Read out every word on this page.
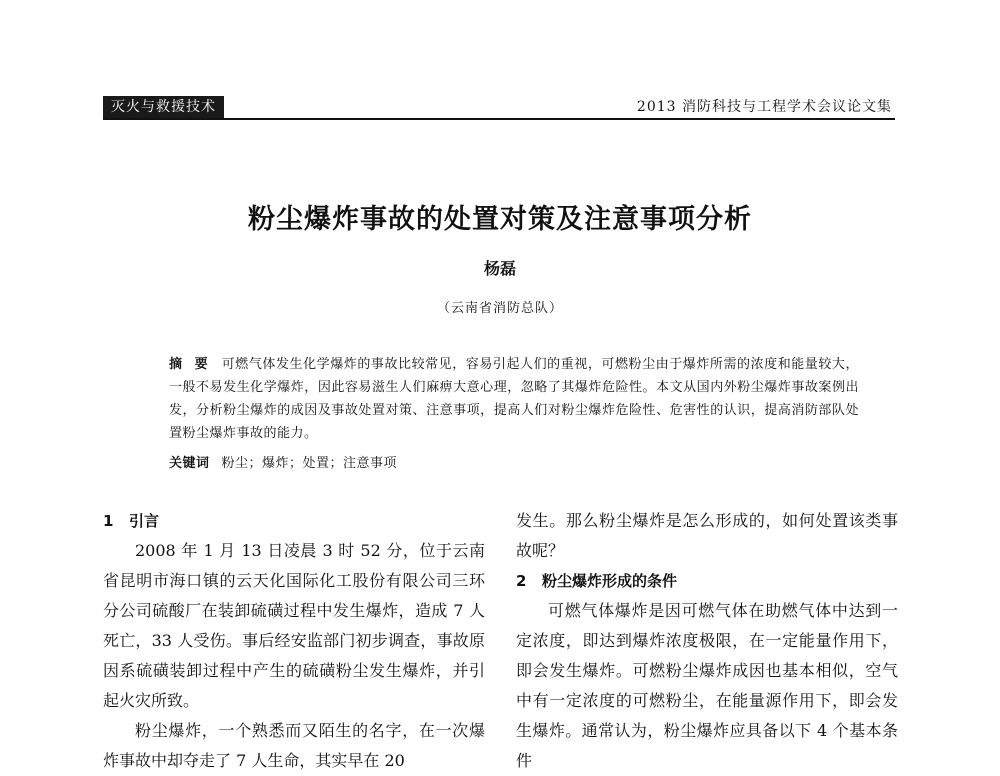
灭火与救援技术	2013 消防科技与工程学术会议论文集
粉尘爆炸事故的处置对策及注意事项分析
杨磊
（云南省消防总队）
摘 要 可燃气体发生化学爆炸的事故比较常见，容易引起人们的重视，可燃粉尘由于爆炸所需的浓度和能量较大，一般不易发生化学爆炸，因此容易滋生人们麻痹大意心理，忽略了其爆炸危险性。本文从国内外粉尘爆炸事故案例出发，分析粉尘爆炸的成因及事故处置对策、注意事项，提高人们对粉尘爆炸危险性、危害性的认识，提高消防部队处置粉尘爆炸事故的能力。
关键词 粉尘；爆炸；处置；注意事项
1 引言

2008 年 1 月 13 日凌晨 3 时 52 分，位于云南省昆明市海口镇的云天化国际化工股份有限公司三环分公司硫酸厂在装卸硫磺过程中发生爆炸，造成 7 人死亡，33 人受伤。事后经安监部门初步调查，事故原因系硫磺装卸过程中产生的硫磺粉尘发生爆炸，并引起火灾所致。

粉尘爆炸，一个熟悉而又陌生的名字，在一次爆炸事故中却夺走了 7 人生命，其实早在 20

发生。那么粉尘爆炸是怎么形成的，如何处置该类事故呢？

2 粉尘爆炸形成的条件

可燃气体爆炸是因可燃气体在助燃气体中达到一定浓度，即达到爆炸浓度极限，在一定能量作用下，即会发生爆炸。可燃粉尘爆炸成因也基本相似，空气中有一定浓度的可燃粉尘，在能量源作用下，即会发生爆炸。通常认为，粉尘爆炸应具备以下 4 个基本条件
